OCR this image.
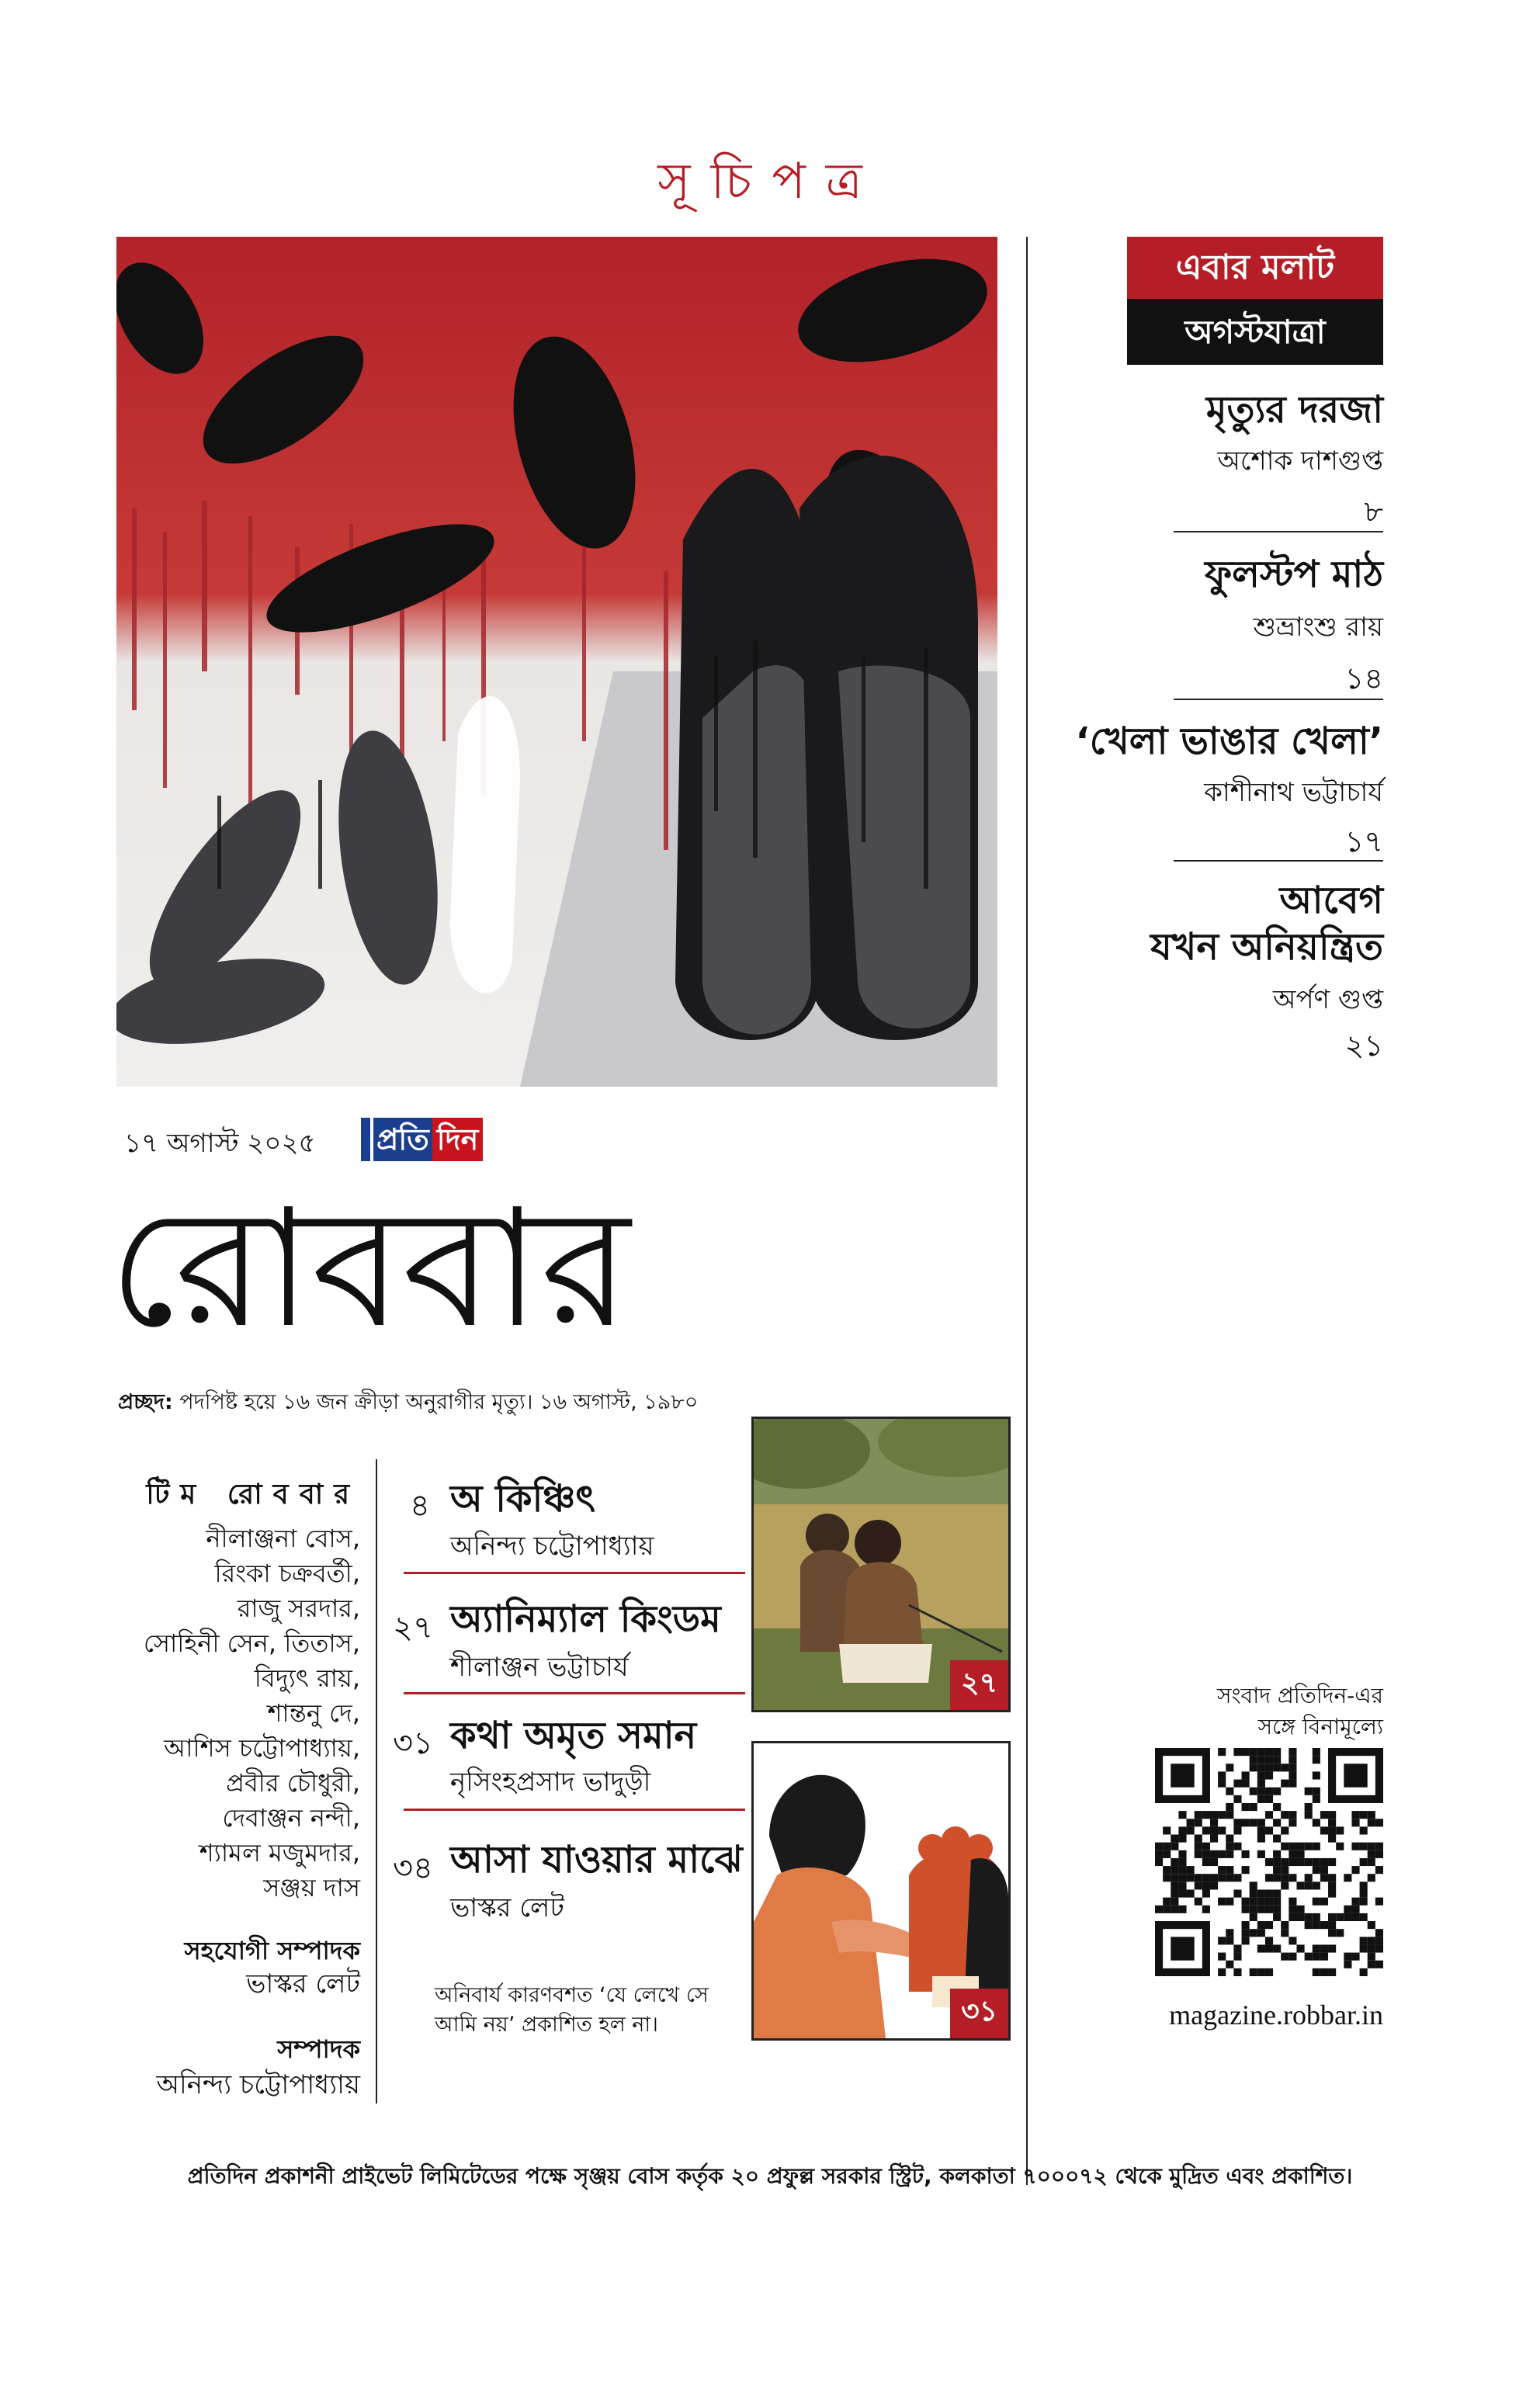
সূচিপত্র
এবার মলাট
অগস্টযাত্রা
মৃত্যুর দরজা
অশোক দাশগুপ্ত
৮
ফুলস্টপ মাঠ
শুভ্রাংশু রায়
১৪
‘খেলা ভাঙার খেলা’
কাশীনাথ ভট্টাচার্য
১৭
আবেগ
যখন অনিয়ন্ত্রিত
অর্পণ গুপ্ত
২১
১৭ অগাস্ট ২০২৫ প্রতি দিন
রোববার
প্রচ্ছদ: পদপিষ্ট হয়ে ১৬ জন ক্রীড়া অনুরাগীর মৃত্যু। ১৬ অগাস্ট, ১৯৮০
টিম রোববার
নীলাঞ্জনা বোস,
রিংকা চক্রবর্তী,
রাজু সরদার,
সোহিনী সেন, তিতাস,
বিদ্যুৎ রায়,
শান্তনু দে,
আশিস চট্টোপাধ্যায়,
প্রবীর চৌধুরী,
দেবাঞ্জন নন্দী,
শ্যামল মজুমদার,
সঞ্জয় দাস
সহযোগী সম্পাদক
ভাস্কর লেট
সম্পাদক
অনিন্দ্য চট্টোপাধ্যায়
৪ অ কিঞ্চিৎ
অনিন্দ্য চট্টোপাধ্যায়
২৭ অ্যানিম্যাল কিংডম
শীলাঞ্জন ভট্টাচার্য
৩১ কথা অমৃত সমান
নৃসিংহপ্রসাদ ভাদুড়ী
৩৪ আসা যাওয়ার মাঝে
ভাস্কর লেট
অনিবার্য কারণবশত ‘যে লেখে সে আমি নয়’ প্রকাশিত হল না।
২৭
৩১
সংবাদ প্রতিদিন-এর
সঙ্গে বিনামূল্যে
magazine.robbar.in
প্রতিদিন প্রকাশনী প্রাইভেট লিমিটেডের পক্ষে সৃঞ্জয় বোস কর্তৃক ২০ প্রফুল্ল সরকার স্ট্রিট, কলকাতা ৭০০০৭২ থেকে মুদ্রিত এবং প্রকাশিত।
